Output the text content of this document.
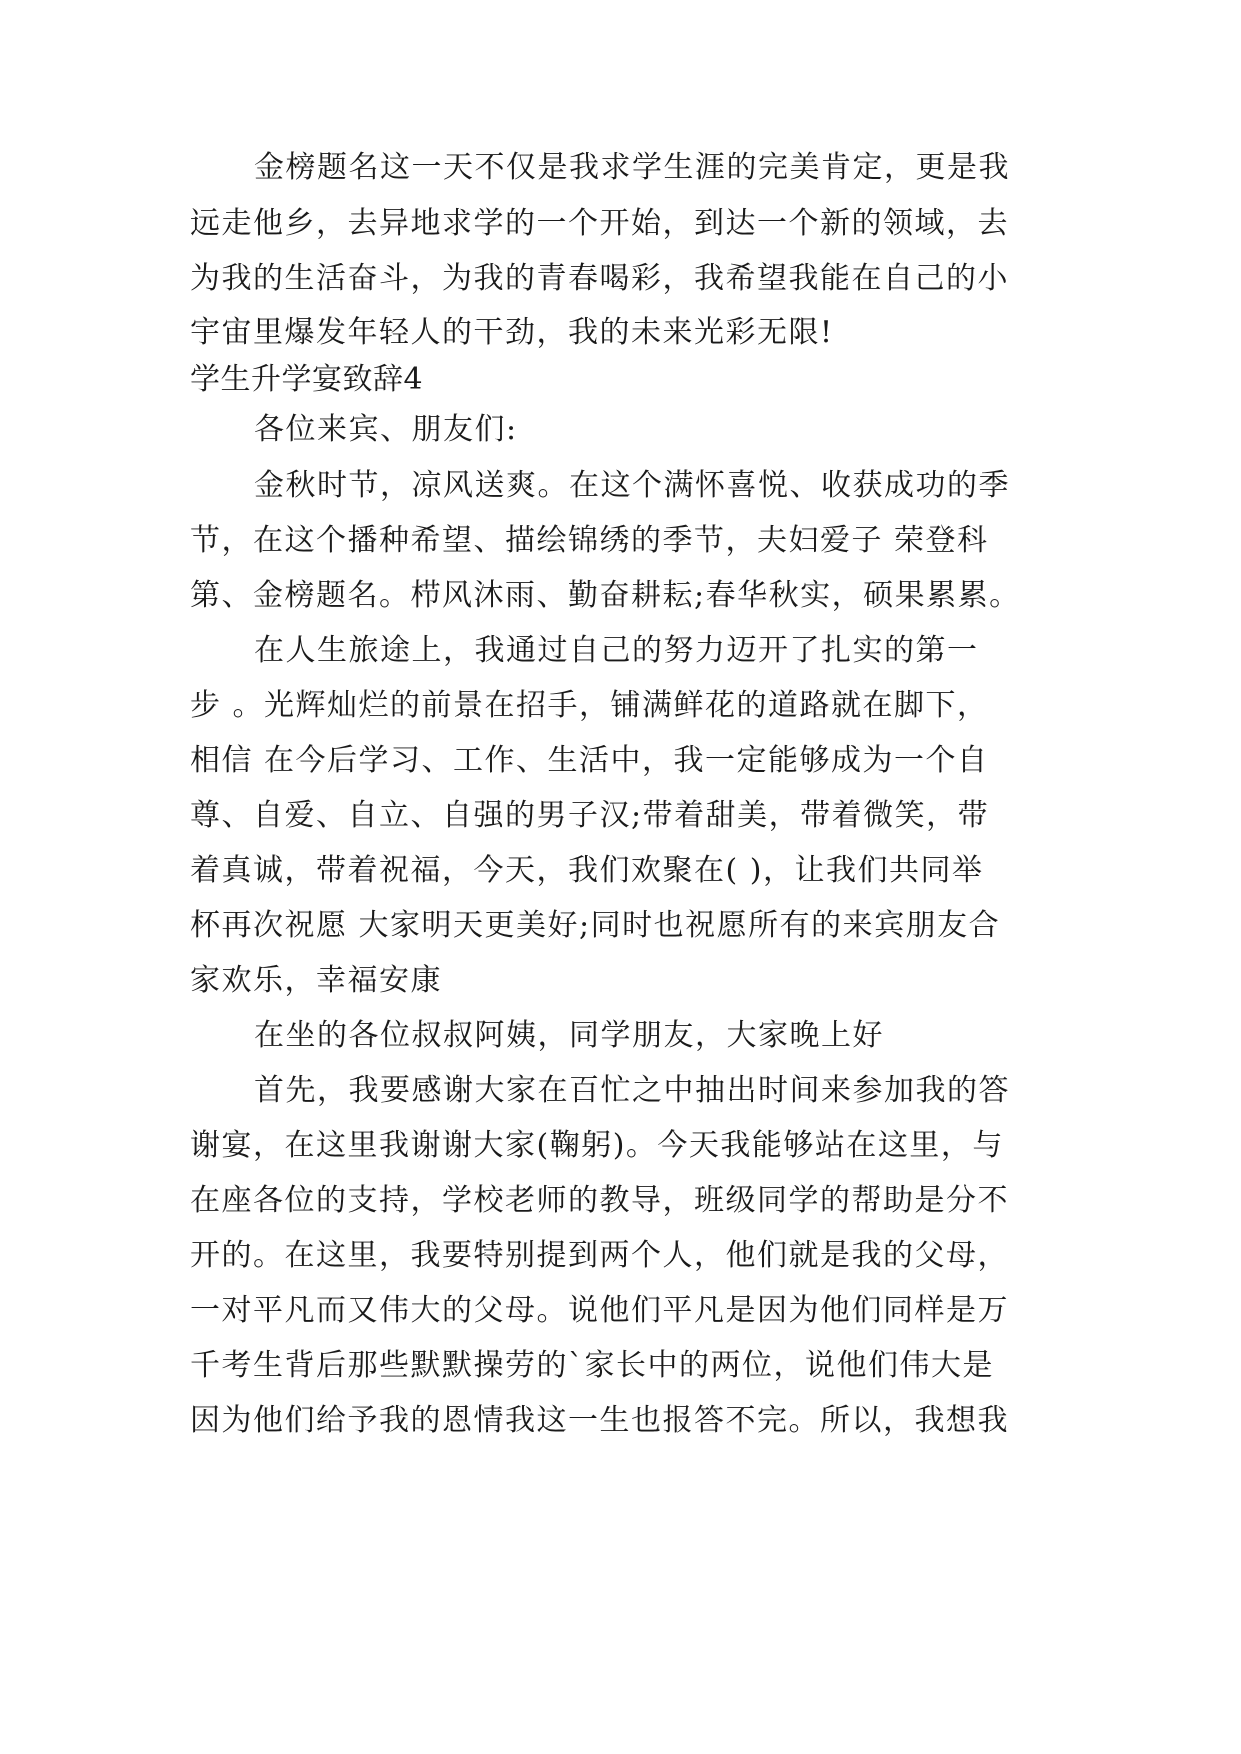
金榜题名这一天不仅是我求学生涯的完美肯定，更是我
远走他乡，去异地求学的一个开始，到达一个新的领域，去
为我的生活奋斗，为我的青春喝彩，我希望我能在自己的小
宇宙里爆发年轻人的干劲，我的未来光彩无限!
学生升学宴致辞4
各位来宾、朋友们:
金秋时节，凉风送爽。在这个满怀喜悦、收获成功的季
节，在这个播种希望、描绘锦绣的季节，夫妇爱子 荣登科
第、金榜题名。栉风沐雨、勤奋耕耘;春华秋实，硕果累累。
在人生旅途上，我通过自己的努力迈开了扎实的第一
步 。光辉灿烂的前景在招手，铺满鲜花的道路就在脚下，
相信 在今后学习、工作、生活中，我一定能够成为一个自
尊、自爱、自立、自强的男子汉;带着甜美，带着微笑，带
着真诚，带着祝福，今天，我们欢聚在( )，让我们共同举
杯再次祝愿 大家明天更美好;同时也祝愿所有的来宾朋友合
家欢乐，幸福安康
在坐的各位叔叔阿姨，同学朋友，大家晚上好
首先，我要感谢大家在百忙之中抽出时间来参加我的答
谢宴，在这里我谢谢大家(鞠躬)。今天我能够站在这里，与
在座各位的支持，学校老师的教导，班级同学的帮助是分不
开的。在这里，我要特别提到两个人，他们就是我的父母，
一对平凡而又伟大的父母。说他们平凡是因为他们同样是万
千考生背后那些默默操劳的`家长中的两位，说他们伟大是
因为他们给予我的恩情我这一生也报答不完。所以，我想我
